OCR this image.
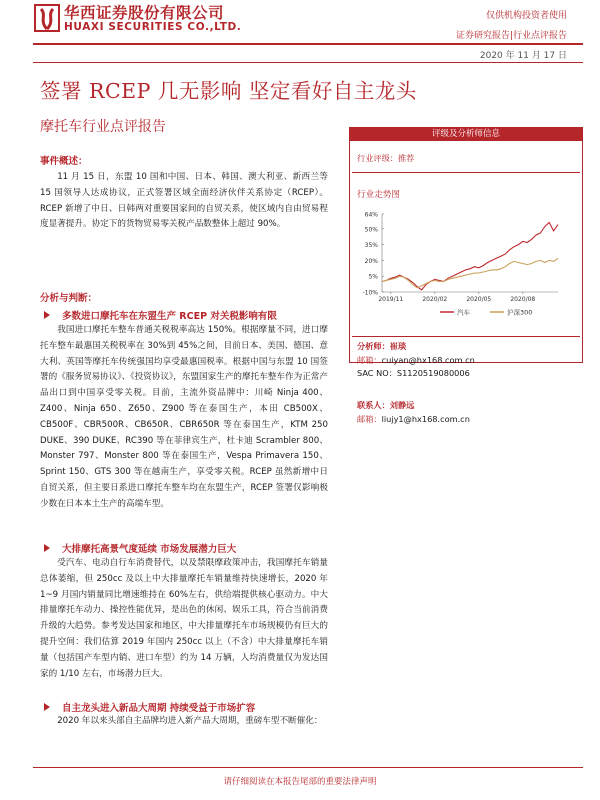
华西证券股份有限公司
HUAXI SECURITIES CO.,LTD.
仅供机构投资者使用
证券研究报告|行业点评报告
2020 年 11 月 17 日
签署 RCEP 几无影响 坚定看好自主龙头
摩托车行业点评报告
事件概述：
11 月 15 日，东盟 10 国和中国、日本、韩国、澳大利亚、新西兰等 15 国领导人达成协议，正式签署区域全面经济伙伴关系协定（RCEP）。RCEP 新增了中日、日韩两对重要国家间的自贸关系，使区域内自由贸易程度显著提升。协定下的货物贸易零关税产品数整体上超过 90%。
分析与判断：
多数进口摩托车在东盟生产 RCEP 对关税影响有限
我国进口摩托车整车普通关税税率高达 150%。根据摩量不同，进口摩托车整车最惠国关税税率在 30%到 45%之间，目前日本、美国、德国、意大利、英国等摩托车传统强国均享受最惠国税率。根据中国与东盟 10 国签署的《服务贸易协议》、《投资协议》，东盟国家生产的摩托车整车作为正常产品出口到中国享受零关税。目前，主流外资品牌中：川崎 Ninja 400、Z400、Ninja 650、Z650、Z900 等在泰国生产，本田 CB500X、CB500F、CBR500R、CB650R、CBR650R 等在泰国生产，KTM 250 DUKE、390 DUKE、RC390 等在菲律宾生产，杜卡迪 Scrambler 800、Monster 797、Monster 800 等在泰国生产，Vespa Primavera 150、Sprint 150、GTS 300 等在越南生产，享受零关税。RCEP 虽然新增中日自贸关系，但主要日系进口摩托车整车均在东盟生产，RCEP 签署仅影响极少数在日本本土生产的高端车型。
大排摩托高景气度延续 市场发展潜力巨大
受汽车、电动自行车消费替代，以及禁限摩政策冲击，我国摩托车销量总体萎缩，但 250cc 及以上中大排量摩托车销量维持快速增长，2020 年 1~9 月国内销量同比增速维持在 60%左右，供给端提供核心驱动力。中大排量摩托车动力、操控性能优异，是出色的休闲、娱乐工具，符合当前消费升级的大趋势。参考发达国家和地区，中大排量摩托车市场规模仍有巨大的提升空间：我们估算 2019 年国内 250cc 以上（不含）中大排量摩托车销量（包括国产车型内销、进口车型）约为 14 万辆，人均消费量仅为发达国家的 1/10 左右，市场潜力巨大。
自主龙头进入新品大周期 持续受益于市场扩容
2020 年以来头部自主品牌均进入新产品大周期，重磅车型不断催化：
评级及分析师信息
行业评级：推荐
行业走势图
-10%
5%
20%
35%
50%
64%
2019/11	2020/02	2020/05	2020/08
汽车	沪深300
分析师：崔琰
邮箱：cuiyan@hx168.com.cn
SAC NO：S1120519080006
联系人：刘静远
邮箱：liujy1@hx168.com.cn
请仔细阅读在本报告尾部的重要法律声明
